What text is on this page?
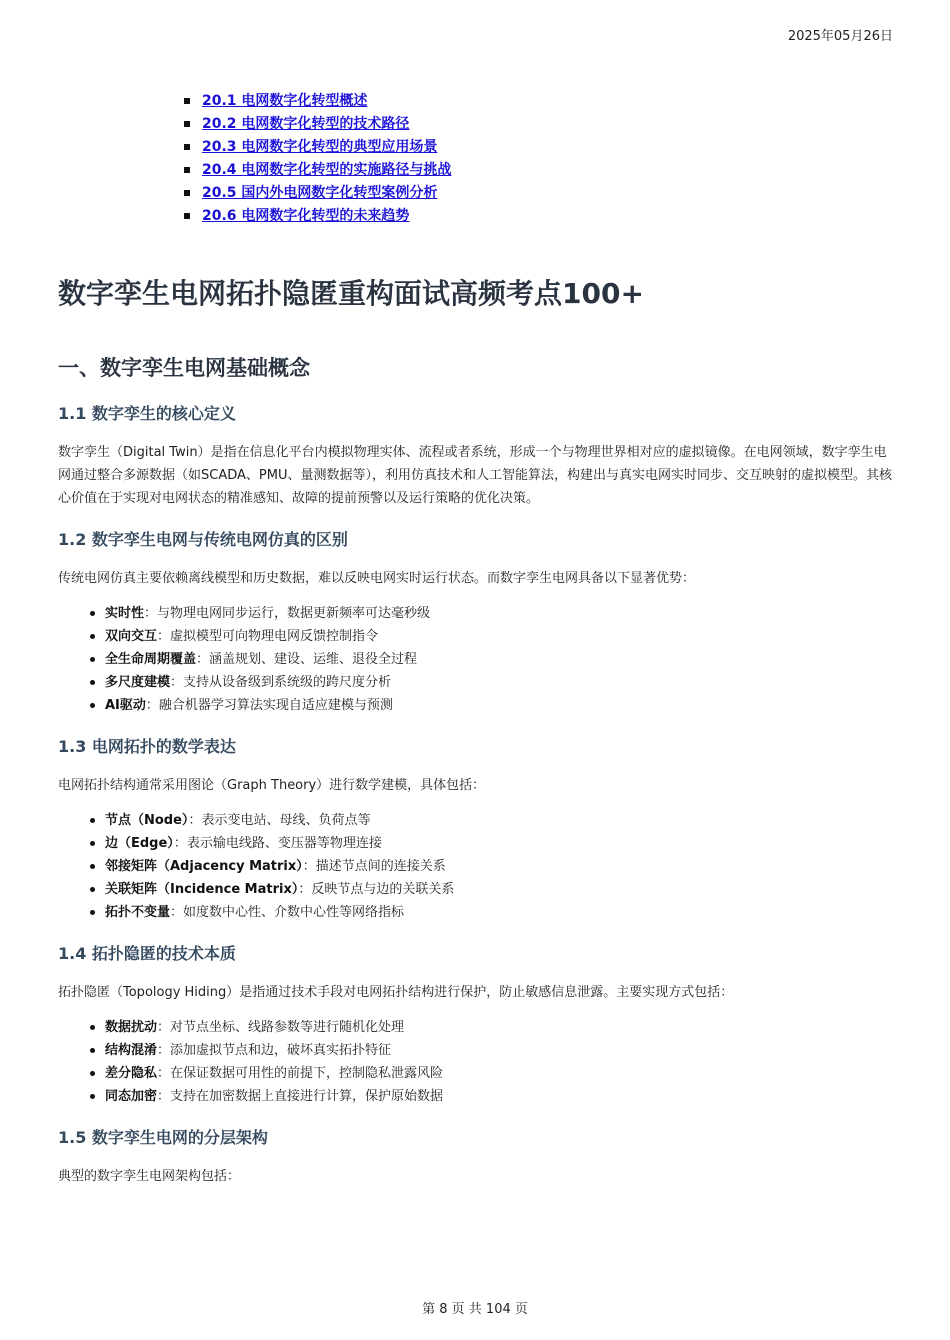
2025年05月26日
20.1 电网数字化转型概述
20.2 电网数字化转型的技术路径
20.3 电网数字化转型的典型应用场景
20.4 电网数字化转型的实施路径与挑战
20.5 国内外电网数字化转型案例分析
20.6 电网数字化转型的未来趋势
数字孪生电网拓扑隐匿重构面试高频考点100+
一、数字孪生电网基础概念
1.1 数字孪生的核心定义

数字孪生（Digital Twin）是指在信息化平台内模拟物理实体、流程或者系统，形成一个与物理世界相对应的虚拟镜像。在电网领域，数字孪生电网通过整合多源数据（如SCADA、PMU、量测数据等），利用仿真技术和人工智能算法，构建出与真实电网实时同步、交互映射的虚拟模型。其核心价值在于实现对电网状态的精准感知、故障的提前预警以及运行策略的优化决策。

1.2 数字孪生电网与传统电网仿真的区别

传统电网仿真主要依赖离线模型和历史数据，难以反映电网实时运行状态。而数字孪生电网具备以下显著优势：

实时性：与物理电网同步运行，数据更新频率可达毫秒级
双向交互：虚拟模型可向物理电网反馈控制指令
全生命周期覆盖：涵盖规划、建设、运维、退役全过程
多尺度建模：支持从设备级到系统级的跨尺度分析
AI驱动：融合机器学习算法实现自适应建模与预测
1.3 电网拓扑的数学表达

电网拓扑结构通常采用图论（Graph Theory）进行数学建模，具体包括：

节点（Node）：表示变电站、母线、负荷点等
边（Edge）：表示输电线路、变压器等物理连接
邻接矩阵（Adjacency Matrix）：描述节点间的连接关系
关联矩阵（Incidence Matrix）：反映节点与边的关联关系
拓扑不变量：如度数中心性、介数中心性等网络指标
1.4 拓扑隐匿的技术本质

拓扑隐匿（Topology Hiding）是指通过技术手段对电网拓扑结构进行保护，防止敏感信息泄露。主要实现方式包括：

数据扰动：对节点坐标、线路参数等进行随机化处理
结构混淆：添加虚拟节点和边，破坏真实拓扑特征
差分隐私：在保证数据可用性的前提下，控制隐私泄露风险
同态加密：支持在加密数据上直接进行计算，保护原始数据
1.5 数字孪生电网的分层架构

典型的数字孪生电网架构包括：

第 8 页 共 104 页
